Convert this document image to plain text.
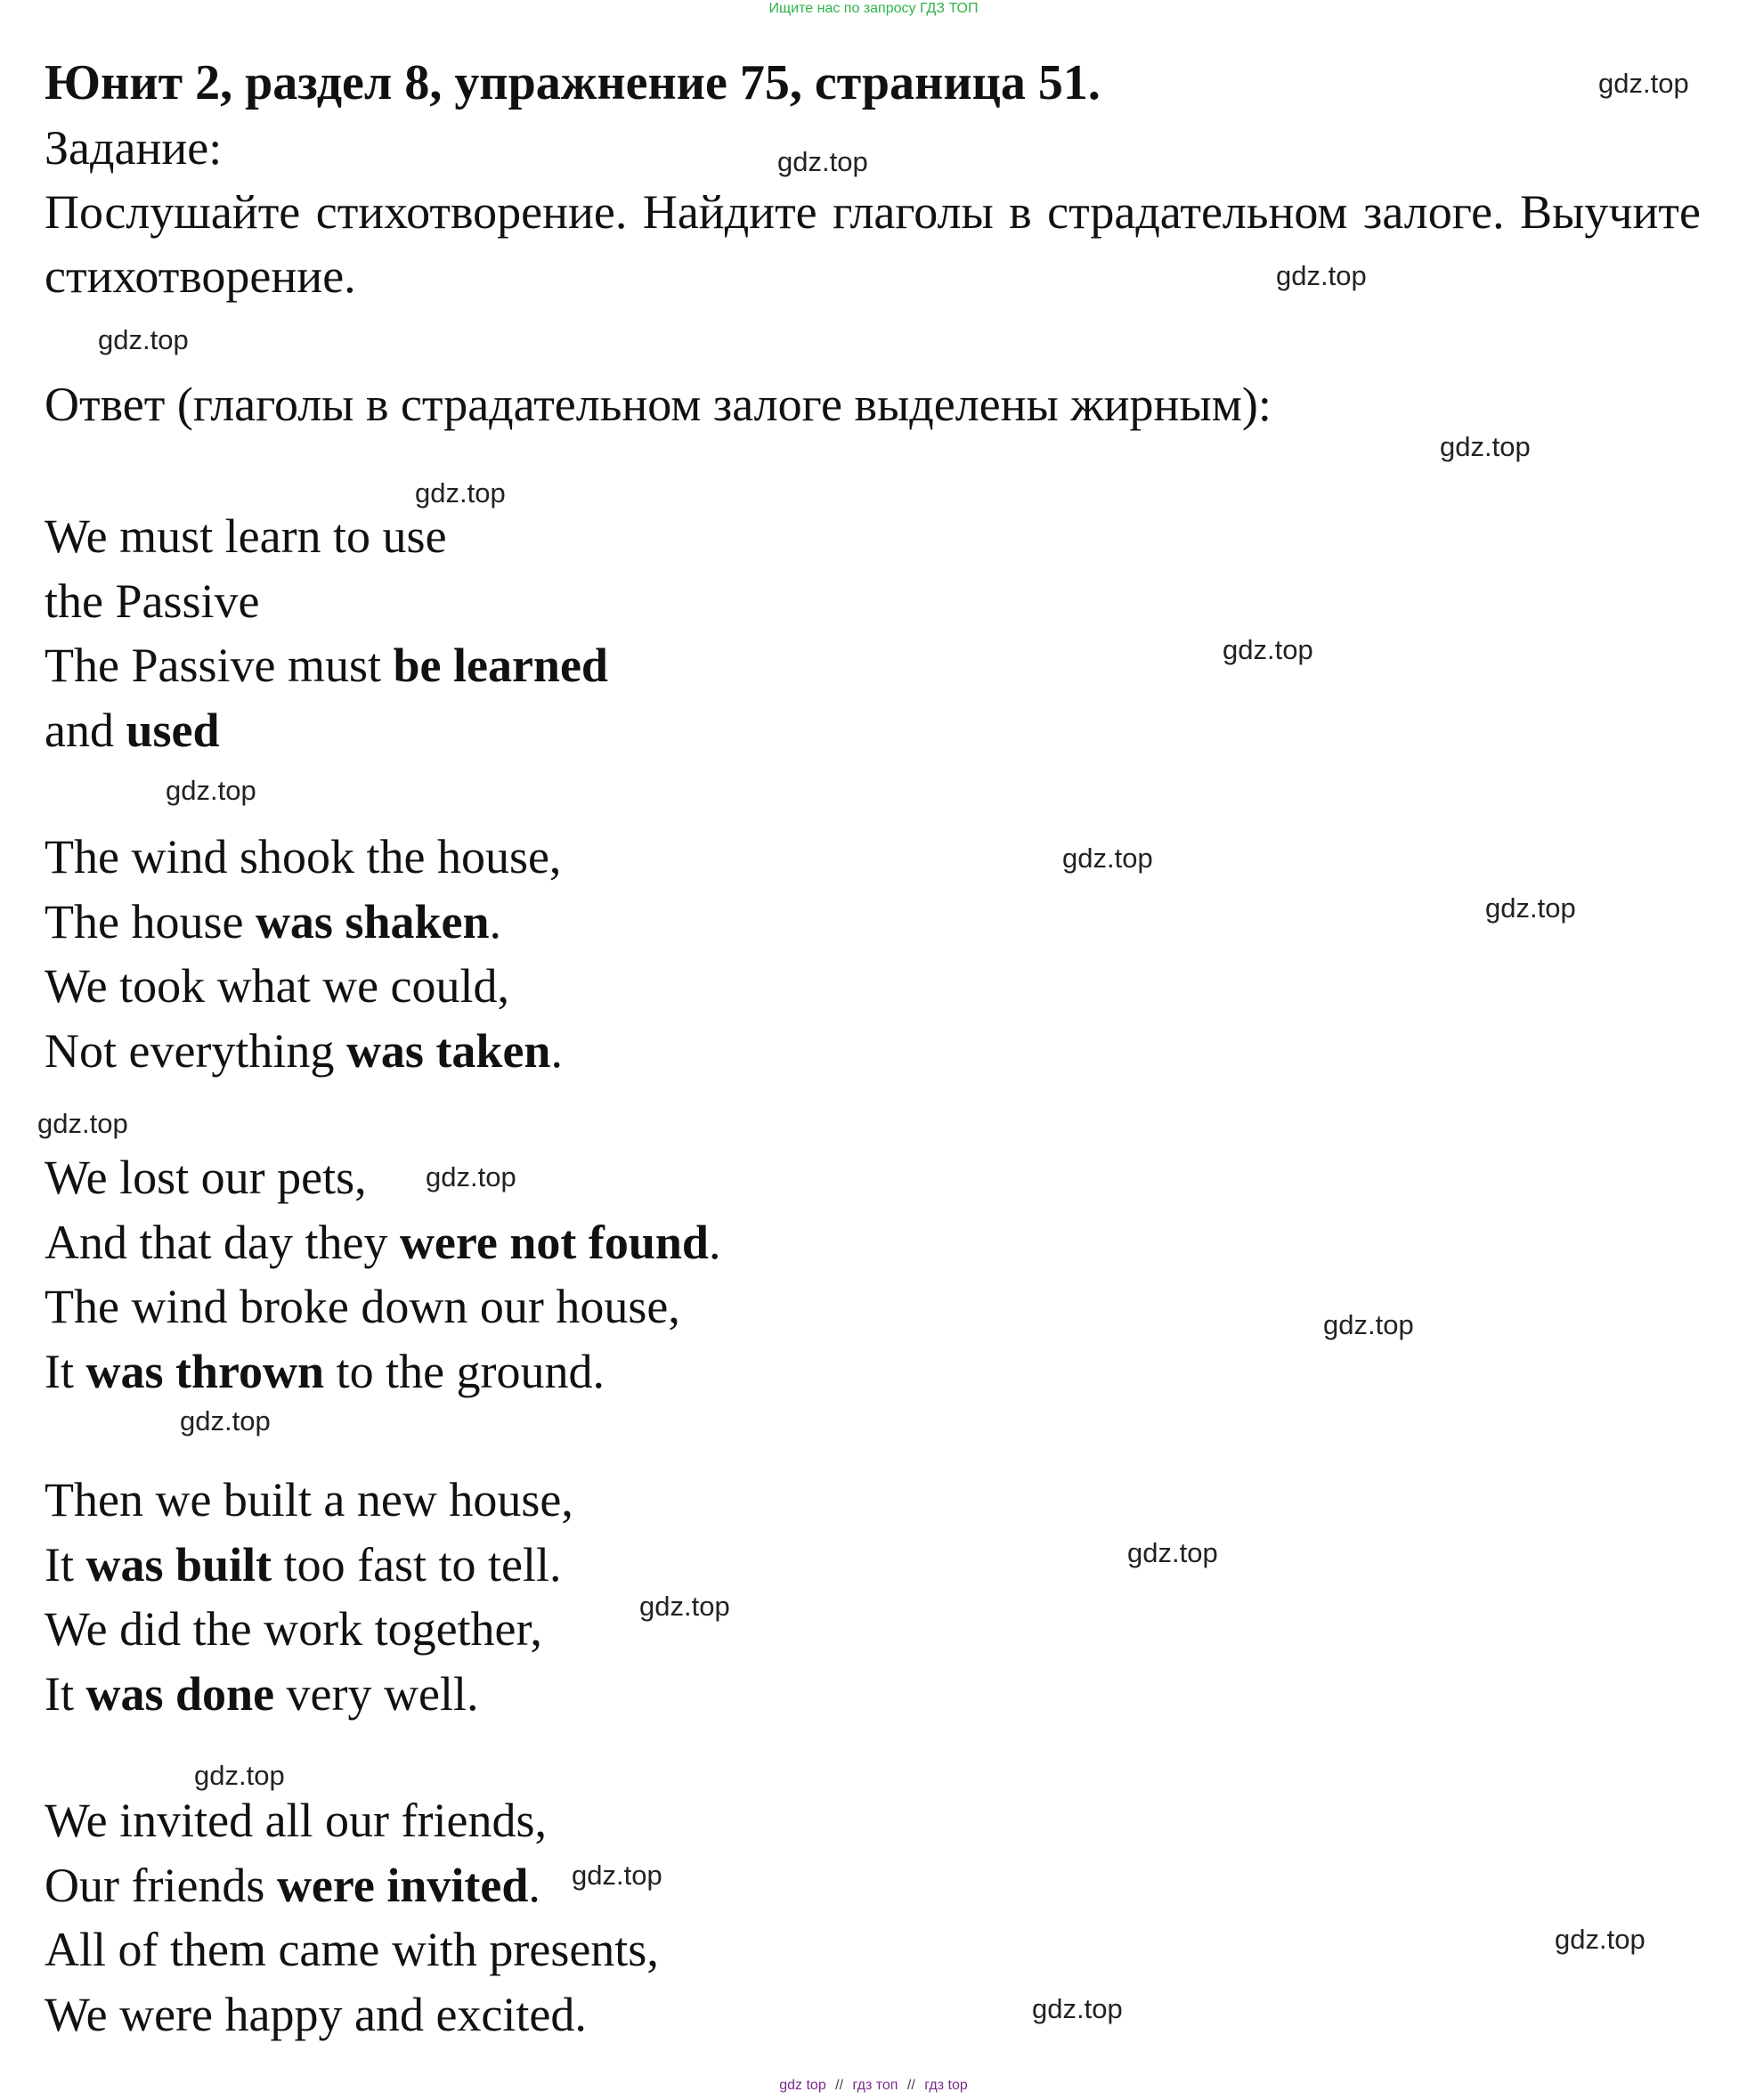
Ищите нас по запросу ГДЗ ТОП
Юнит 2, раздел 8, упражнение 75, страница 51.
Задание:
Послушайте стихотворение. Найдите глаголы в страдательном залоге. Выучите стихотворение.
Ответ (глаголы в страдательном залоге выделены жирным):
We must learn to use
the Passive
The Passive must be learned
and used
The wind shook the house,
The house was shaken.
We took what we could,
Not everything was taken.
We lost our pets,
And that day they were not found.
The wind broke down our house,
It was thrown to the ground.
Then we built a new house,
It was built too fast to tell.
We did the work together,
It was done very well.
We invited all our friends,
Our friends were invited.
All of them came with presents,
We were happy and excited.
gdz.top
gdz.top
gdz.top
gdz.top
gdz.top
gdz.top
gdz.top
gdz.top
gdz.top
gdz.top
gdz.top
gdz.top
gdz.top
gdz.top
gdz.top
gdz.top
gdz.top
gdz.top
gdz.top
gdz.top
gdz top // гдз топ // гдз top
